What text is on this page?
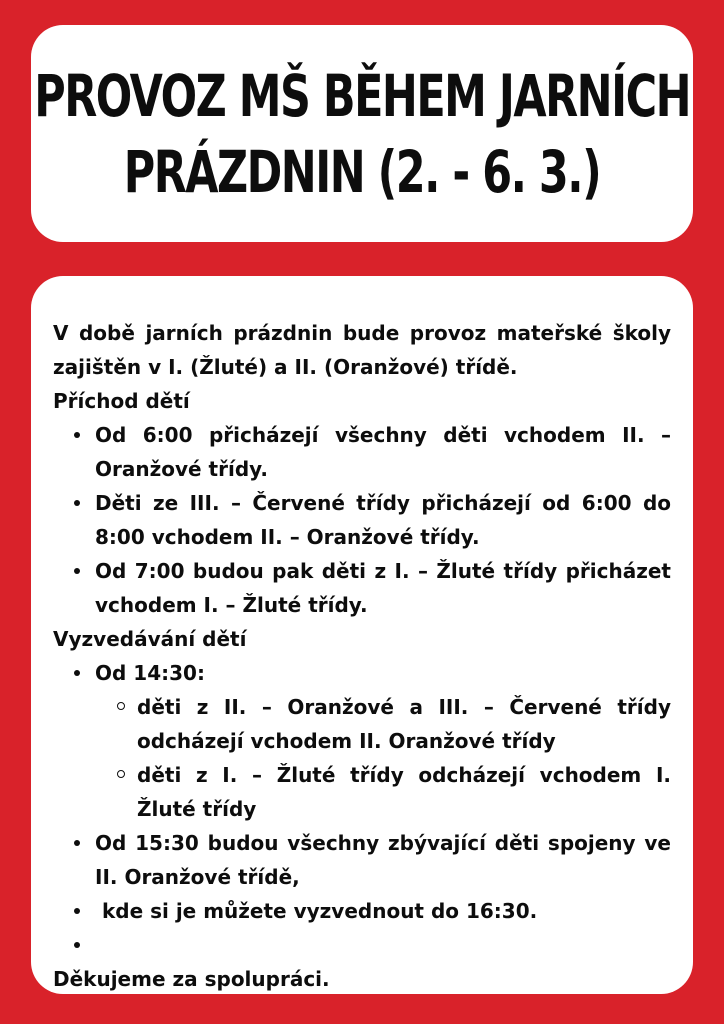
PROVOZ MŠ BĚHEM JARNÍCH
PRÁZDNIN (2. - 6. 3.)

V době jarních prázdnin bude provoz mateřské školy zajištěn v I. (Žluté) a II. (Oranžové) třídě.

Příchod dětí

Od 6:00 přicházejí všechny děti vchodem II. – Oranžové třídy.
Děti ze III. – Červené třídy přicházejí od 6:00 do 8:00 vchodem II. – Oranžové třídy.
Od 7:00 budou pak děti z I. – Žluté třídy přicházet vchodem I. – Žluté třídy.

Vyzvedávání dětí

Od 14:30:
děti z II. – Oranžové a III. – Červené třídy odcházejí vchodem II. Oranžové třídy
děti z I. – Žluté třídy odcházejí vchodem I. Žluté třídy
Od 15:30 budou všechny zbývající děti spojeny ve II. Oranžové třídě,
kde si je můžete vyzvednout do 16:30.

Děkujeme za spolupráci.
